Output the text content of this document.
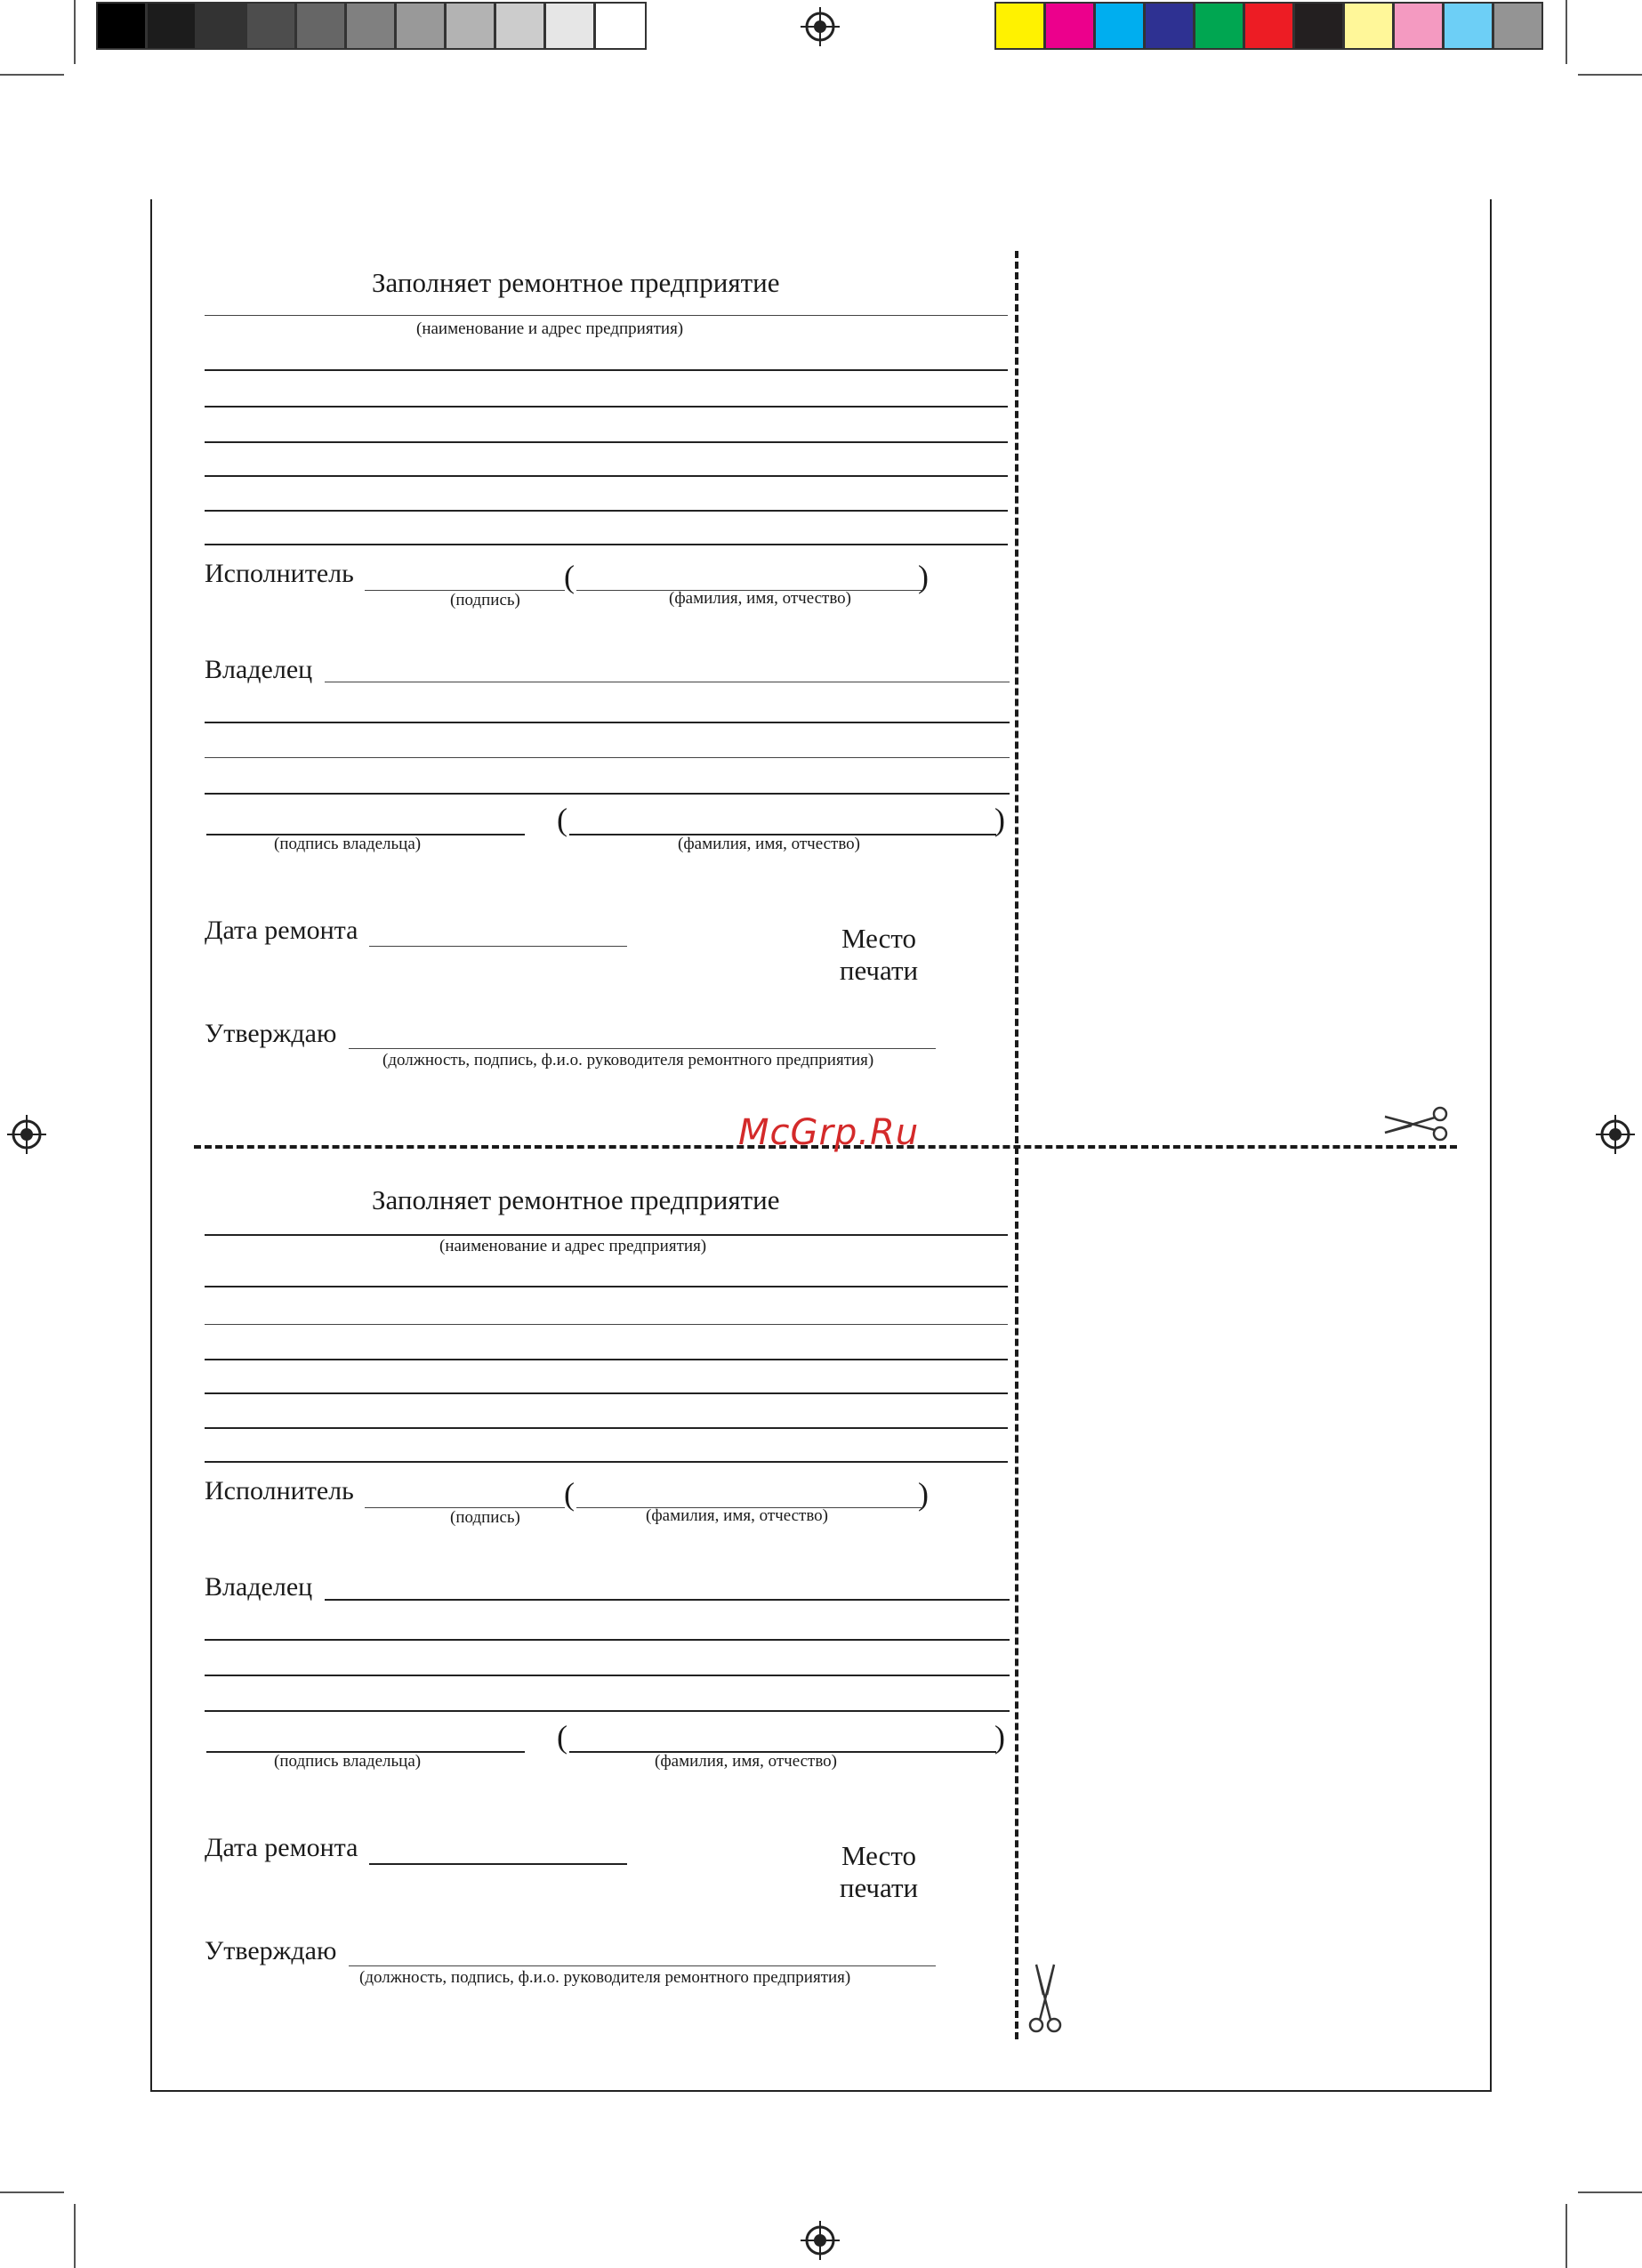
McGrp.Ru
Заполняет ремонтное предприятие
(наименование и адрес предприятия)
Исполнитель	(	)
(подпись)	(фамилия, имя, отчество)
Владелец
(	)
(подпись владельца)	(фамилия, имя, отчество)
Дата ремонта	Место
печати
Утверждаю
(должность, подпись, ф.и.о. руководителя ремонтного предприятия)
Заполняет ремонтное предприятие
(наименование и адрес предприятия)
Исполнитель	(	)
(подпись)	(фамилия, имя, отчество)
Владелец
(	)
(подпись владельца)	(фамилия, имя, отчество)
Дата ремонта	Место
печати
Утверждаю
(должность, подпись, ф.и.о. руководителя ремонтного предприятия)
